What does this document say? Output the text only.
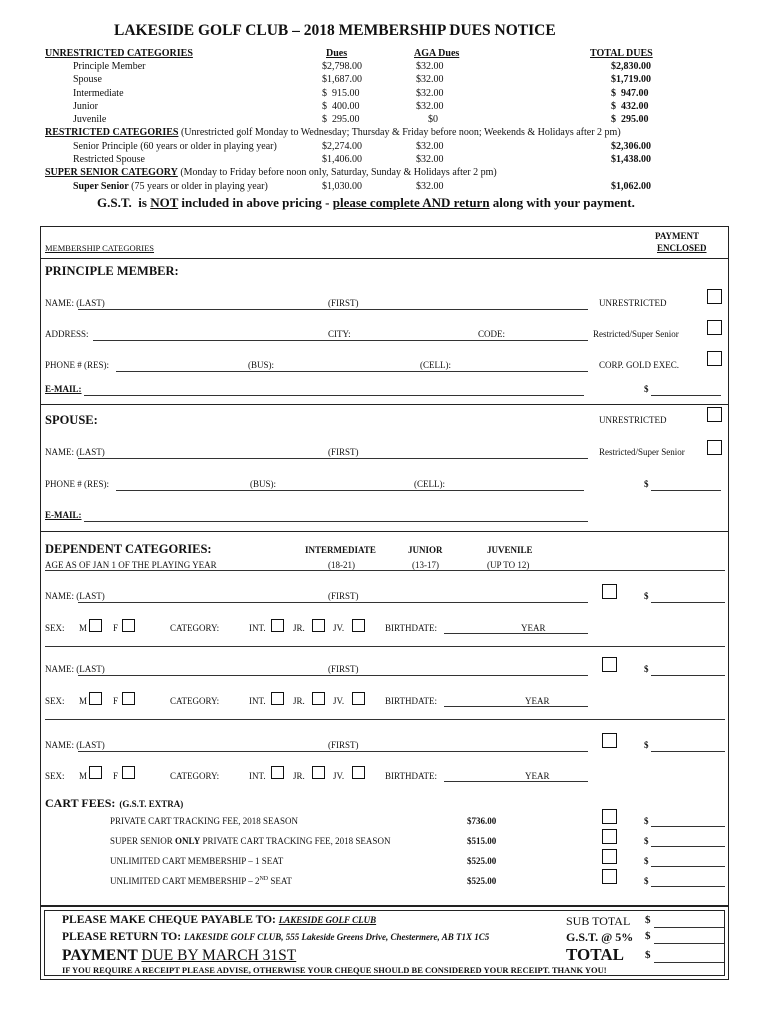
LAKESIDE GOLF CLUB – 2018 MEMBERSHIP DUES NOTICE
UNRESTRICTED CATEGORIES	Dues	AGA Dues	TOTAL DUES
Principle Member	$2,798.00	$32.00	$2,830.00
Spouse	$1,687.00	$32.00	$1,719.00
Intermediate	$  915.00	$32.00	$  947.00
Junior	$  400.00	$32.00	$  432.00
Juvenile	$  295.00	$0	$  295.00
RESTRICTED CATEGORIES (Unrestricted golf Monday to Wednesday; Thursday & Friday before noon; Weekends & Holidays after 2 pm)
Senior Principle (60 years or older in playing year)	$2,274.00	$32.00	$2,306.00
Restricted Spouse	$1,406.00	$32.00	$1,438.00
SUPER SENIOR CATEGORY (Monday to Friday before noon only, Saturday, Sunday & Holidays after 2 pm)
Super Senior (75 years or older in playing year)	$1,030.00	$32.00	$1,062.00
G.S.T.  is NOT included in above pricing - please complete AND return along with your payment.
MEMBERSHIP CATEGORIES
PAYMENT
ENCLOSED
PRINCIPLE MEMBER:
NAME: (LAST)	(FIRST)	UNRESTRICTED
ADDRESS:	CITY:	CODE:	Restricted/Super Senior
PHONE # (RES):	(BUS):	(CELL):	CORP. GOLD EXEC.
E-MAIL:	$
SPOUSE:	UNRESTRICTED
NAME: (LAST)	(FIRST)	Restricted/Super Senior
PHONE # (RES):	(BUS):	(CELL):	$
E-MAIL:
DEPENDENT CATEGORIES:	INTERMEDIATE	JUNIOR	JUVENILE
AGE AS OF JAN 1 OF THE PLAYING YEAR	(18-21)	(13-17)	(UP TO 12)
NAME: (LAST)	(FIRST)	$
SEX: M	F	CATEGORY:	INT.	JR.	JV.	BIRTHDATE:	YEAR
NAME: (LAST)	(FIRST)	$
SEX: M	F	CATEGORY:	INT.	JR.	JV.	BIRTHDATE:	YEAR
NAME: (LAST)	(FIRST)	$
SEX: M	F	CATEGORY:	INT.	JR.	JV.	BIRTHDATE:	YEAR
CART FEES: (G.S.T. EXTRA)
PRIVATE CART TRACKING FEE, 2018 SEASON	$736.00	$
SUPER SENIOR ONLY PRIVATE CART TRACKING FEE, 2018 SEASON	$515.00	$
UNLIMITED CART MEMBERSHIP – 1 SEAT	$525.00	$
UNLIMITED CART MEMBERSHIP – 2ND SEAT	$525.00	$
PLEASE MAKE CHEQUE PAYABLE TO: LAKESIDE GOLF CLUB
PLEASE RETURN TO: LAKESIDE GOLF CLUB, 555 Lakeside Greens Drive, Chestermere, AB T1X 1C5
PAYMENT DUE BY MARCH 31ST
IF YOU REQUIRE A RECEIPT PLEASE ADVISE, OTHERWISE YOUR CHEQUE SHOULD BE CONSIDERED YOUR RECEIPT. THANK YOU!
SUB TOTAL $
G.S.T. @ 5% $
TOTAL $
